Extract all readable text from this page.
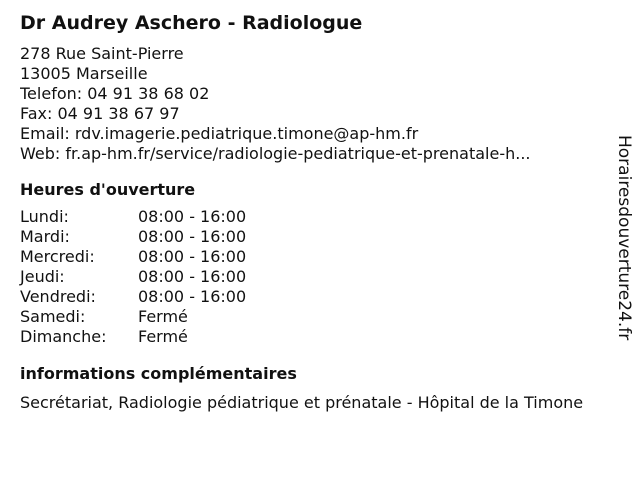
Dr Audrey Aschero - Radiologue
278 Rue Saint-Pierre
13005 Marseille
Telefon: 04 91 38 68 02
Fax: 04 91 38 67 97
Email: rdv.imagerie.pediatrique.timone@ap-hm.fr
Web: fr.ap-hm.fr/service/radiologie-pediatrique-et-prenatale-h...
Heures d'ouverture
Lundi:	08:00 - 16:00
Mardi:	08:00 - 16:00
Mercredi:	08:00 - 16:00
Jeudi:	08:00 - 16:00
Vendredi:	08:00 - 16:00
Samedi:	Fermé
Dimanche:	Fermé
informations complémentaires
Secrétariat, Radiologie pédiatrique et prénatale - Hôpital de la Timone
Horairesdouverture24.fr
